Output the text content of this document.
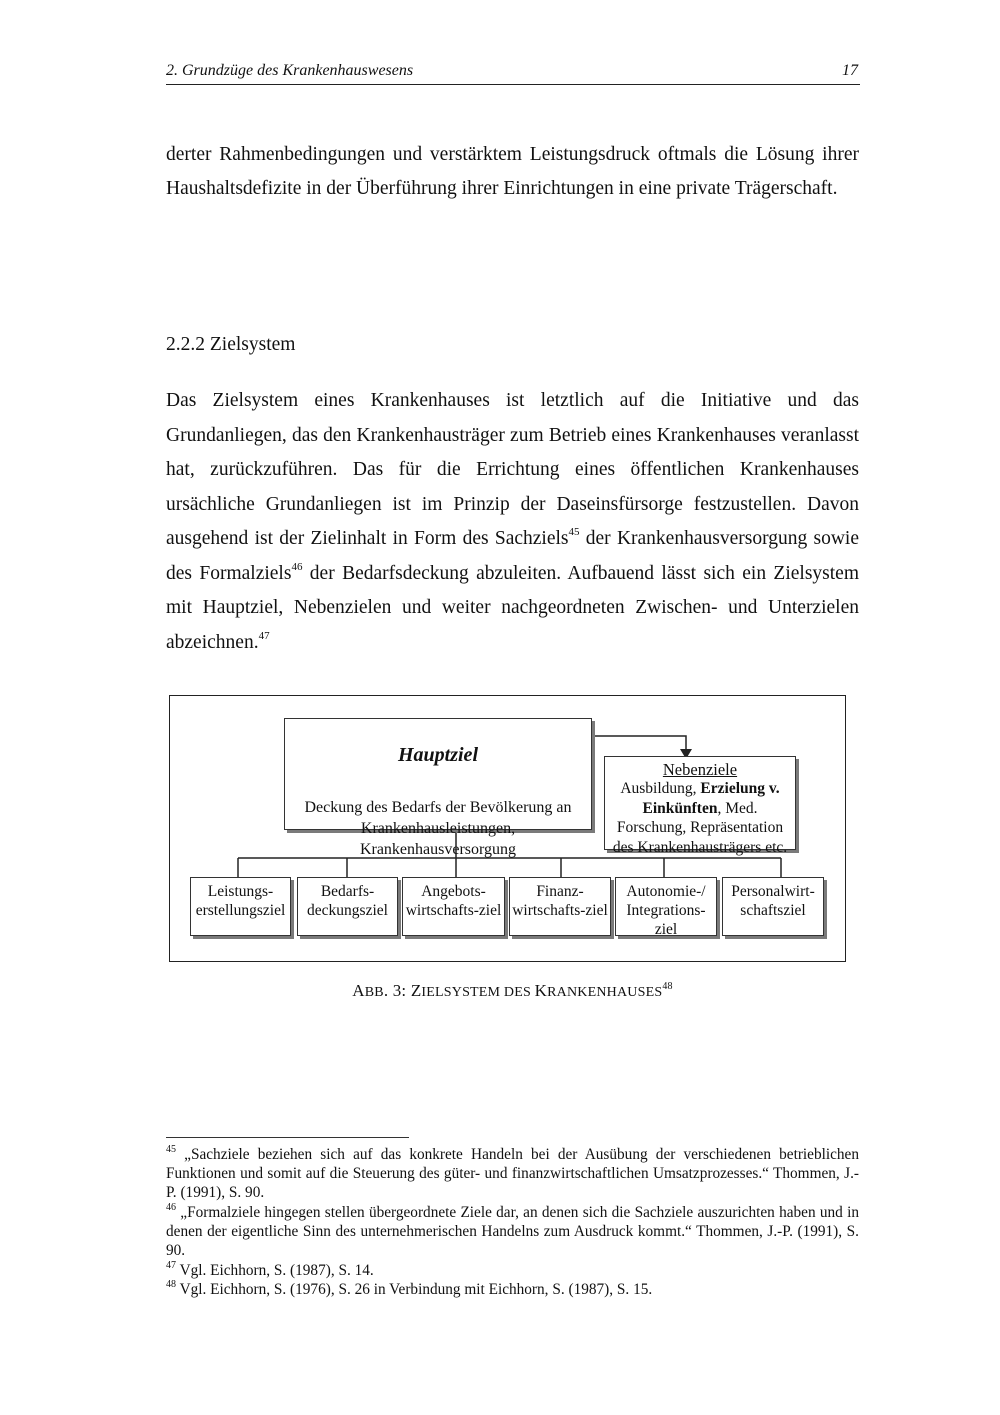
2. Grundzüge des Krankenhauswesens	17

derter Rahmenbedingungen und verstärktem Leistungsdruck oftmals die Lösung ihrer Haushaltsdefizite in der Überführung ihrer Einrichtungen in eine private Trägerschaft.

2.2.2 Zielsystem

Das Zielsystem eines Krankenhauses ist letztlich auf die Initiative und das Grundanliegen, das den Krankenhausträger zum Betrieb eines Krankenhauses veranlasst hat, zurückzuführen. Das für die Errichtung eines öffentlichen Krankenhauses ursächliche Grundanliegen ist im Prinzip der Daseinsfürsorge festzustellen. Davon ausgehend ist der Zielinhalt in Form des Sachziels$^{45}$ der Krankenhausversorgung sowie des Formalziels$^{46}$ der Bedarfsdeckung abzuleiten. Aufbauend lässt sich ein Zielsystem mit Hauptziel, Nebenzielen und weiter nachgeordneten Zwischen- und Unterzielen abzeichnen.$^{47}$

Hauptziel
Deckung des Bedarfs der Bevölkerung an Krankenhausleistungen, Krankenhausversorgung
Nebenziele
Ausbildung, Erzielung v. Einkünften, Med. Forschung, Repräsentation des Krankenhausträgers etc.
Leistungs-erstellungsziel
Bedarfs-deckungsziel
Angebots-wirtschafts-ziel
Finanz-wirtschafts-ziel
Autonomie-/ Integrations-ziel
Personalwirt-schaftsziel
ABB. 3: ZIELSYSTEM DES KRANKENHAUSES$^{48}$
$^{45}$ „Sachziele beziehen sich auf das konkrete Handeln bei der Ausübung der verschiedenen betrieblichen Funktionen und somit auf die Steuerung des güter- und finanzwirtschaftlichen Umsatzprozesses.“ Thommen, J.-P. (1991), S. 90.
$^{46}$ „Formalziele hingegen stellen übergeordnete Ziele dar, an denen sich die Sachziele auszurichten haben und in denen der eigentliche Sinn des unternehmerischen Handelns zum Ausdruck kommt.“ Thommen, J.-P. (1991), S. 90.
$^{47}$ Vgl. Eichhorn, S. (1987), S. 14.
$^{48}$ Vgl. Eichhorn, S. (1976), S. 26 in Verbindung mit Eichhorn, S. (1987), S. 15.
